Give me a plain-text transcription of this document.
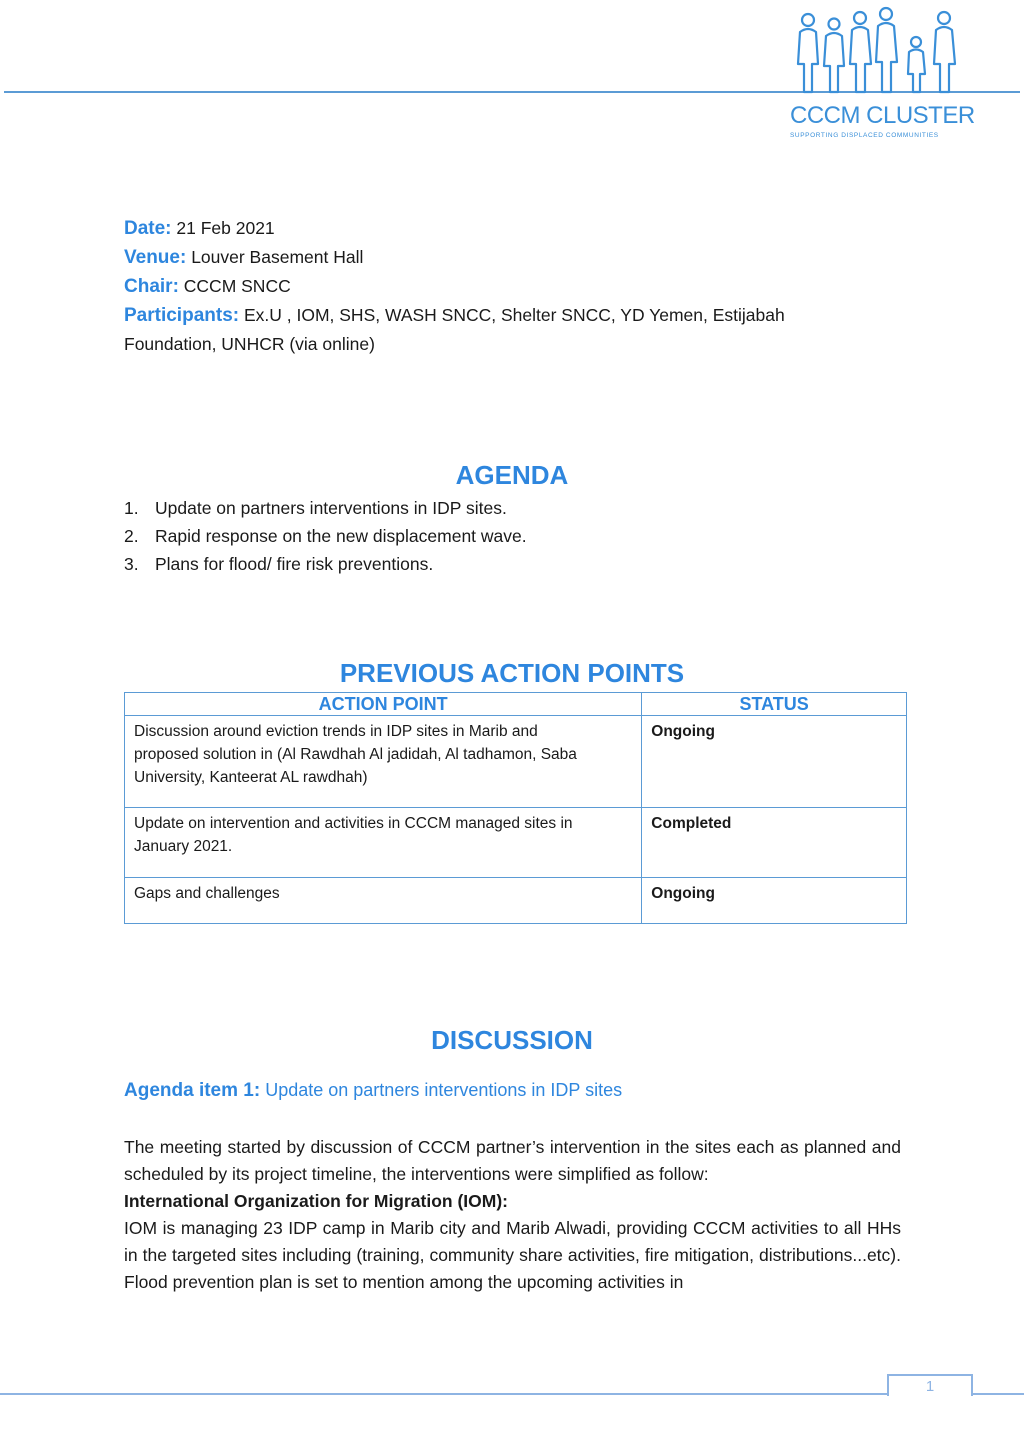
CCCM CLUSTER
SUPPORTING DISPLACED COMMUNITIES
Date: 21 Feb 2021
Venue: Louver Basement Hall
Chair: CCCM SNCC
Participants: Ex.U , IOM, SHS, WASH SNCC, Shelter SNCC, YD Yemen, Estijabah
Foundation, UNHCR (via online)
AGENDA
1. Update on partners interventions in IDP sites.
2. Rapid response on the new displacement wave.
3. Plans for flood/ fire risk preventions.
PREVIOUS ACTION POINTS
ACTION POINT	STATUS

Discussion around eviction trends in IDP sites in Marib and
proposed solution in (Al Rawdhah Al jadidah, Al tadhamon, Saba
University, Kanteerat AL rawdhah)	Ongoing

Update on intervention and activities in CCCM managed sites in
January 2021.	Completed

Gaps and challenges	Ongoing
DISCUSSION
Agenda item 1: Update on partners interventions in IDP sites

The meeting started by discussion of CCCM partner’s intervention in the sites each as planned and scheduled by its project timeline, the interventions were simplified as follow:

International Organization for Migration (IOM):

IOM is managing 23 IDP camp in Marib city and Marib Alwadi, providing CCCM activities to all HHs in the targeted sites including (training, community share activities, fire mitigation, distributions...etc). Flood prevention plan is set to mention among the upcoming activities in

1
